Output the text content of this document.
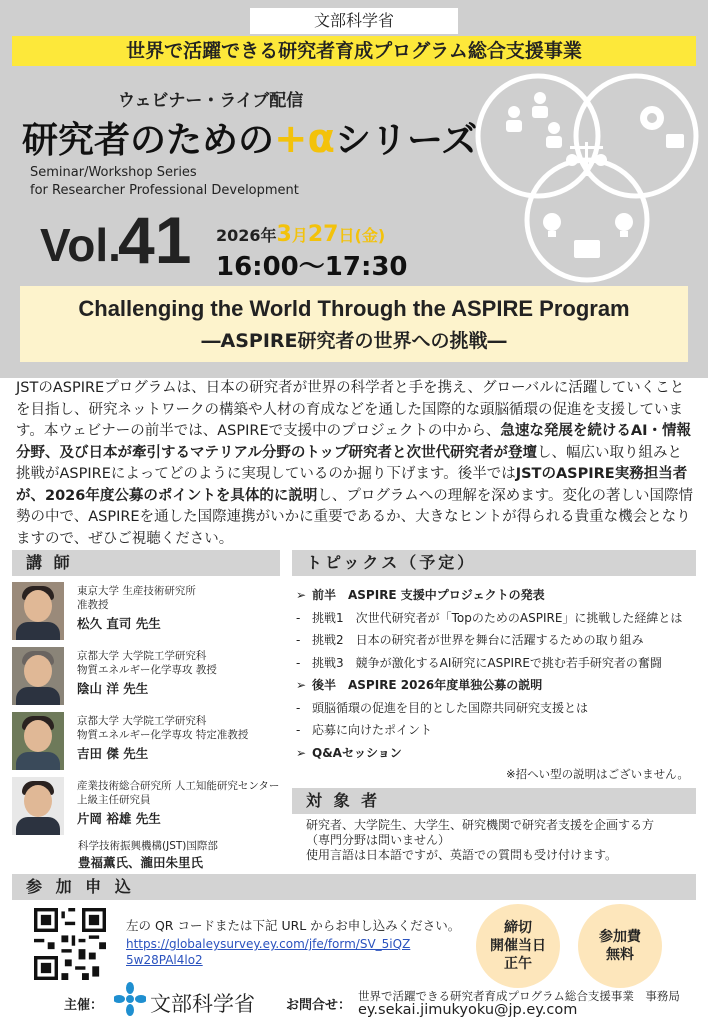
文部科学省
世界で活躍できる研究者育成プログラム総合支援事業
ウェビナー・ライブ配信
研究者のための+αシリーズ
Seminar/Workshop Series
for Researcher Professional Development
Vol.
41 2026年3月27日(金)
16:00～17:30
Challenging the World Through the ASPIRE Program
―ASPIRE研究者の世界への挑戦―
JSTのASPIREプログラムは、日本の研究者が世界の科学者と手を携え、グローバルに活躍していくことを目指し、研究ネットワークの構築や人材の育成などを通した国際的な頭脳循環の促進を支援しています。本ウェビナーの前半では、ASPIREで支援中のプロジェクトの中から、急速な発展を続けるAI・情報分野、及び日本が牽引するマテリアル分野のトップ研究者と次世代研究者が登壇し、幅広い取り組みと挑戦がASPIREによってどのように実現しているのか掘り下げます。後半ではJSTのASPIRE実務担当者が、2026年度公募のポイントを具体的に説明し、プログラムへの理解を深めます。変化の著しい国際情勢の中で、ASPIREを通した国際連携がいかに重要であるか、大きなヒントが得られる貴重な機会となりますので、ぜひご視聴ください。
講 師
東京大学 生産技術研究所
准教授
松久 直司 先生
京都大学 大学院工学研究科
物質エネルギー化学専攻 教授
陰山 洋 先生
京都大学 大学院工学研究科
物質エネルギー化学専攻 特定准教授
吉田 傑 先生
産業技術総合研究所 人工知能研究センター
上級主任研究員
片岡 裕雄 先生
科学技術振興機構(JST)国際部
豊福薫氏、瀧田朱里氏
トピックス（予定）
➢ 前半　ASPIRE 支援中プロジェクトの発表
- 挑戦1　次世代研究者が「TopのためのASPIRE」に挑戦した経緯とは
- 挑戦2　日本の研究者が世界を舞台に活躍するための取り組み
- 挑戦3　競争が激化するAI研究にASPIREで挑む若手研究者の奮闘
➢ 後半　ASPIRE 2026年度単独公募の説明
- 頭脳循環の促進を目的とした国際共同研究支援とは
- 応募に向けたポイント
➢ Q&Aセッション
※招へい型の説明はございません。
対 象 者
研究者、大学院生、大学生、研究機関で研究者支援を企画する方
（専門分野は問いません）
使用言語は日本語ですが、英語での質問も受け付けます。
参 加 申 込
左の QR コードまたは下記 URL からお申し込みください。
https://globaleysurvey.ey.com/jfe/form/SV_5iQZ5w28PAl4lo2
締切
開催当日
正午
参加費
無料
主催： 文部科学省 お問合せ：
世界で活躍できる研究者育成プログラム総合支援事業　事務局
ey.sekai.jimukyoku@jp.ey.com
